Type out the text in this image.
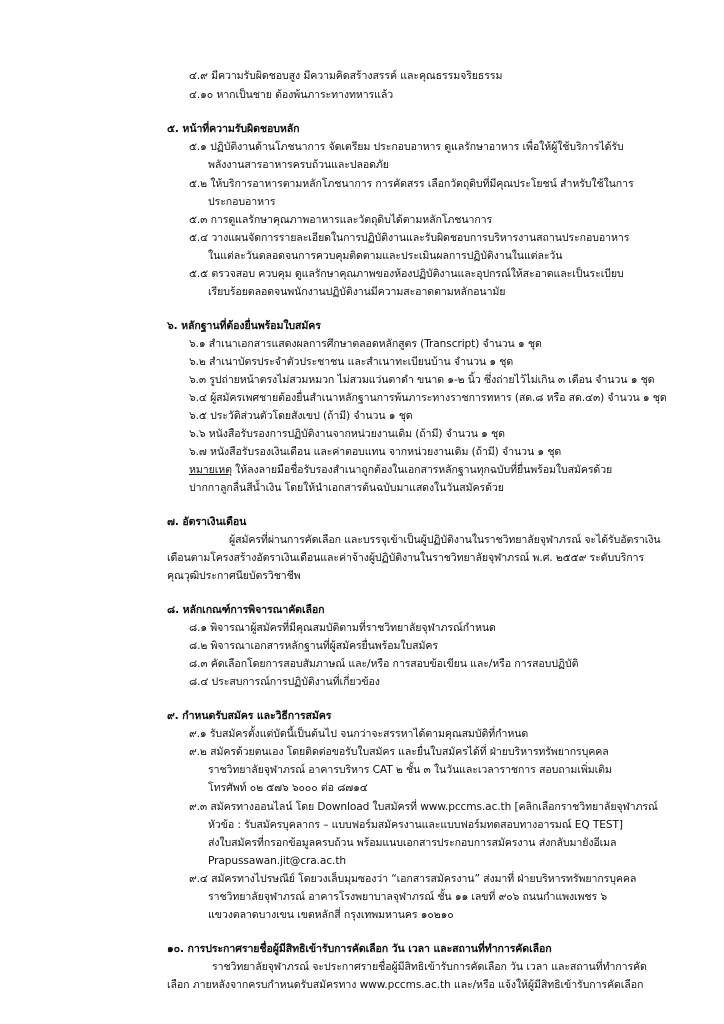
๔.๙ มีความรับผิดชอบสูง มีความคิดสร้างสรรค์ และคุณธรรมจริยธรรม
๔.๑๐ หากเป็นชาย ต้องพ้นภาระทางทหารแล้ว
๕. หน้าที่ความรับผิดชอบหลัก
๕.๑ ปฏิบัติงานด้านโภชนาการ จัดเตรียม ประกอบอาหาร ดูแลรักษาอาหาร เพื่อให้ผู้ใช้บริการได้รับ
พลังงานสารอาหารครบถ้วนและปลอดภัย
๕.๒ ให้บริการอาหารตามหลักโภชนาการ การคัดสรร เลือกวัตถุดิบที่มีคุณประโยชน์ สำหรับใช้ในการ
ประกอบอาหาร
๕.๓ การดูแลรักษาคุณภาพอาหารและวัตถุดิบได้ตามหลักโภชนาการ
๕.๔ วางแผนจัดการรายละเอียดในการปฏิบัติงานและรับผิดชอบการบริหารงานสถานประกอบอาหาร
ในแต่ละวันตลอดจนการควบคุมติดตามและประเมินผลการปฏิบัติงานในแต่ละวัน
๕.๕ ตรวจสอบ ควบคุม ดูแลรักษาคุณภาพของห้องปฏิบัติงานและอุปกรณ์ให้สะอาดและเป็นระเบียบ
เรียบร้อยตลอดจนพนักงานปฏิบัติงานมีความสะอาดตามหลักอนามัย
๖. หลักฐานที่ต้องยื่นพร้อมใบสมัคร
๖.๑ สำเนาเอกสารแสดงผลการศึกษาตลอดหลักสูตร (Transcript) จำนวน ๑ ชุด
๖.๒ สำเนาบัตรประจำตัวประชาชน และสำเนาทะเบียนบ้าน จำนวน ๑ ชุด
๖.๓ รูปถ่ายหน้าตรงไม่สวมหมวก ไม่สวมแว่นตาดำ ขนาด ๑-๒ นิ้ว ซึ่งถ่ายไว้ไม่เกิน ๓ เดือน จำนวน ๑ ชุด
๖.๔ ผู้สมัครเพศชายต้องยื่นสำเนาหลักฐานการพ้นภาระทางราชการทหาร (สด.๘ หรือ สด.๔๓) จำนวน ๑ ชุด
๖.๕ ประวัติส่วนตัวโดยสังเขป (ถ้ามี) จำนวน ๑ ชุด
๖.๖ หนังสือรับรองการปฏิบัติงานจากหน่วยงานเดิม (ถ้ามี) จำนวน ๑ ชุด
๖.๗ หนังสือรับรองเงินเดือน และค่าตอบแทน จากหน่วยงานเดิม (ถ้ามี) จำนวน ๑ ชุด
หมายเหตุ ให้ลงลายมือชื่อรับรองสำเนาถูกต้องในเอกสารหลักฐานทุกฉบับที่ยื่นพร้อมใบสมัครด้วย
ปากกาลูกลื่นสีน้ำเงิน โดยให้นำเอกสารต้นฉบับมาแสดงในวันสมัครด้วย
๗. อัตราเงินเดือน
ผู้สมัครที่ผ่านการคัดเลือก และบรรจุเข้าเป็นผู้ปฏิบัติงานในราชวิทยาลัยจุฬาภรณ์ จะได้รับอัตราเงิน
เดือนตามโครงสร้างอัตราเงินเดือนและค่าจ้างผู้ปฏิบัติงานในราชวิทยาลัยจุฬาภรณ์ พ.ศ. ๒๕๕๙ ระดับบริการ
คุณวุฒิประกาศนียบัตรวิชาชีพ
๘. หลักเกณฑ์การพิจารณาคัดเลือก
๘.๑ พิจารณาผู้สมัครที่มีคุณสมบัติตามที่ราชวิทยาลัยจุฬาภรณ์กำหนด
๘.๒ พิจารณาเอกสารหลักฐานที่ผู้สมัครยื่นพร้อมใบสมัคร
๘.๓ คัดเลือกโดยการสอบสัมภาษณ์ และ/หรือ การสอบข้อเขียน และ/หรือ การสอบปฏิบัติ
๘.๔ ประสบการณ์การปฏิบัติงานที่เกี่ยวข้อง
๙. กำหนดรับสมัคร และวิธีการสมัคร
๙.๑ รับสมัครตั้งแต่บัดนี้เป็นต้นไป จนกว่าจะสรรหาได้ตามคุณสมบัติที่กำหนด
๙.๒ สมัครด้วยตนเอง โดยติดต่อขอรับใบสมัคร และยื่นใบสมัครได้ที่ ฝ่ายบริหารทรัพยากรบุคคล
ราชวิทยาลัยจุฬาภรณ์ อาคารบริหาร CAT ๒ ชั้น ๓ ในวันและเวลาราชการ สอบถามเพิ่มเติม
โทรศัพท์ ๐๒ ๕๗๖ ๖๐๐๐ ต่อ ๘๗๑๔
๙.๓ สมัครทางออนไลน์ โดย Download ใบสมัครที่ www.pccms.ac.th [คลิกเลือกราชวิทยาลัยจุฬาภรณ์
หัวข้อ : รับสมัครบุคลากร – แบบฟอร์มสมัครงานและแบบฟอร์มทดสอบทางอารมณ์ EQ TEST]
ส่งใบสมัครที่กรอกข้อมูลครบถ้วน พร้อมแนบเอกสารประกอบการสมัครงาน ส่งกลับมายังอีเมล
Prapussawan.jit@cra.ac.th
๙.๔ สมัครทางไปรษณีย์ โดยวงเล็บมุมซองว่า “เอกสารสมัครงาน” ส่งมาที่ ฝ่ายบริหารทรัพยากรบุคคล
ราชวิทยาลัยจุฬาภรณ์ อาคารโรงพยาบาลจุฬาภรณ์ ชั้น ๑๑ เลขที่ ๙๐๖ ถนนกำแพงเพชร ๖
แขวงตลาดบางเขน เขตหลักสี่ กรุงเทพมหานคร ๑๐๒๑๐
๑๐. การประกาศรายชื่อผู้มีสิทธิเข้ารับการคัดเลือก วัน เวลา และสถานที่ทำการคัดเลือก
ราชวิทยาลัยจุฬาภรณ์ จะประกาศรายชื่อผู้มีสิทธิเข้ารับการคัดเลือก วัน เวลา และสถานที่ทำการคัด
เลือก ภายหลังจากครบกำหนดรับสมัครทาง www.pccms.ac.th และ/หรือ แจ้งให้ผู้มีสิทธิเข้ารับการคัดเลือก
